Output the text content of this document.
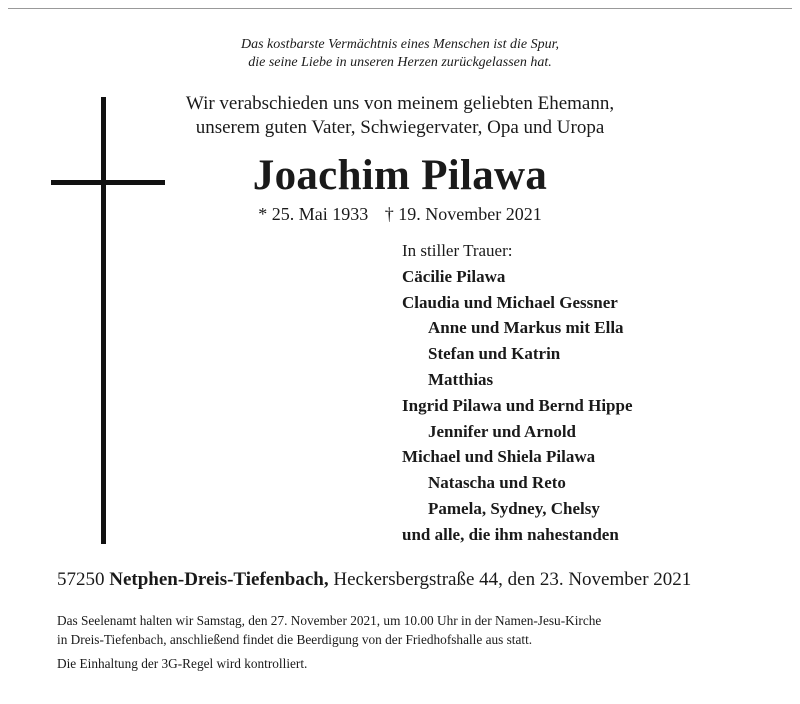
Das kostbarste Vermächtnis eines Menschen ist die Spur,
die seine Liebe in unseren Herzen zurückgelassen hat.
Wir verabschieden uns von meinem geliebten Ehemann,
unserem guten Vater, Schwiegervater, Opa und Uropa
Joachim Pilawa
* 25. Mai 1933 † 19. November 2021
In stiller Trauer:
Cäcilie Pilawa
Claudia und Michael Gessner
Anne und Markus mit Ella
Stefan und Katrin
Matthias
Ingrid Pilawa und Bernd Hippe
Jennifer und Arnold
Michael und Shiela Pilawa
Natascha und Reto
Pamela, Sydney, Chelsy
und alle, die ihm nahestanden
57250 Netphen-Dreis-Tiefenbach, Heckersbergstraße 44, den 23. November 2021
Das Seelenamt halten wir Samstag, den 27. November 2021, um 10.00 Uhr in der Namen-Jesu-Kirche
in Dreis-Tiefenbach, anschließend findet die Beerdigung von der Friedhofshalle aus statt.
Die Einhaltung der 3G-Regel wird kontrolliert.
